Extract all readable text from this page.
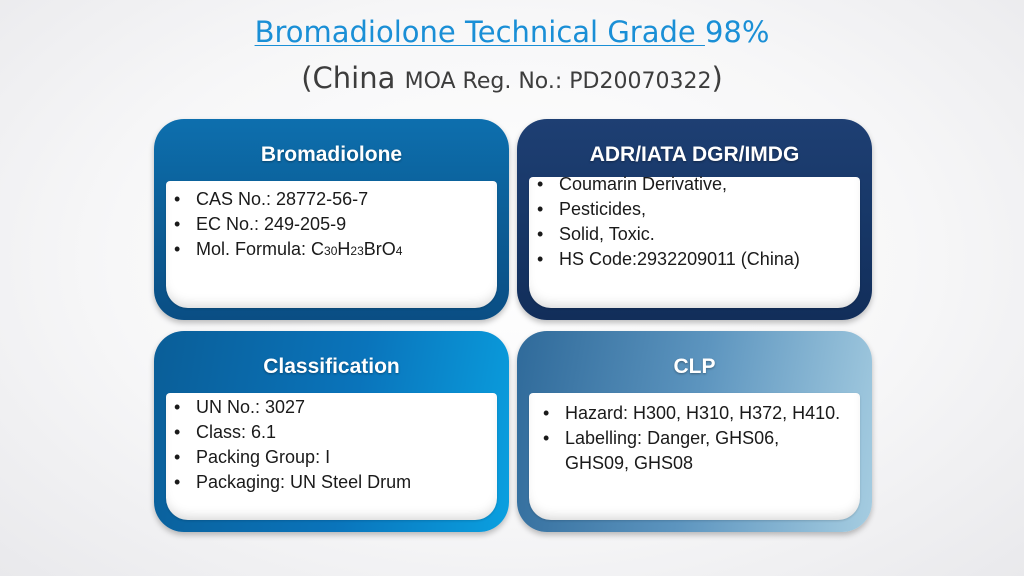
Bromadiolone Technical Grade 98%
(China MOA Reg. No.: PD20070322)
Bromadiolone
• CAS No.: 28772-56-7
• EC No.: 249-205-9
• Mol. Formula: C30H23BrO4
ADR/IATA DGR/IMDG
• Coumarin Derivative,
• Pesticides,
• Solid, Toxic.
• HS Code:2932209011 (China)
Classification
• UN No.: 3027
• Class: 6.1
• Packing Group: I
• Packaging: UN Steel Drum
CLP
• Hazard: H300, H310, H372, H410.
• Labelling: Danger, GHS06, GHS09, GHS08
